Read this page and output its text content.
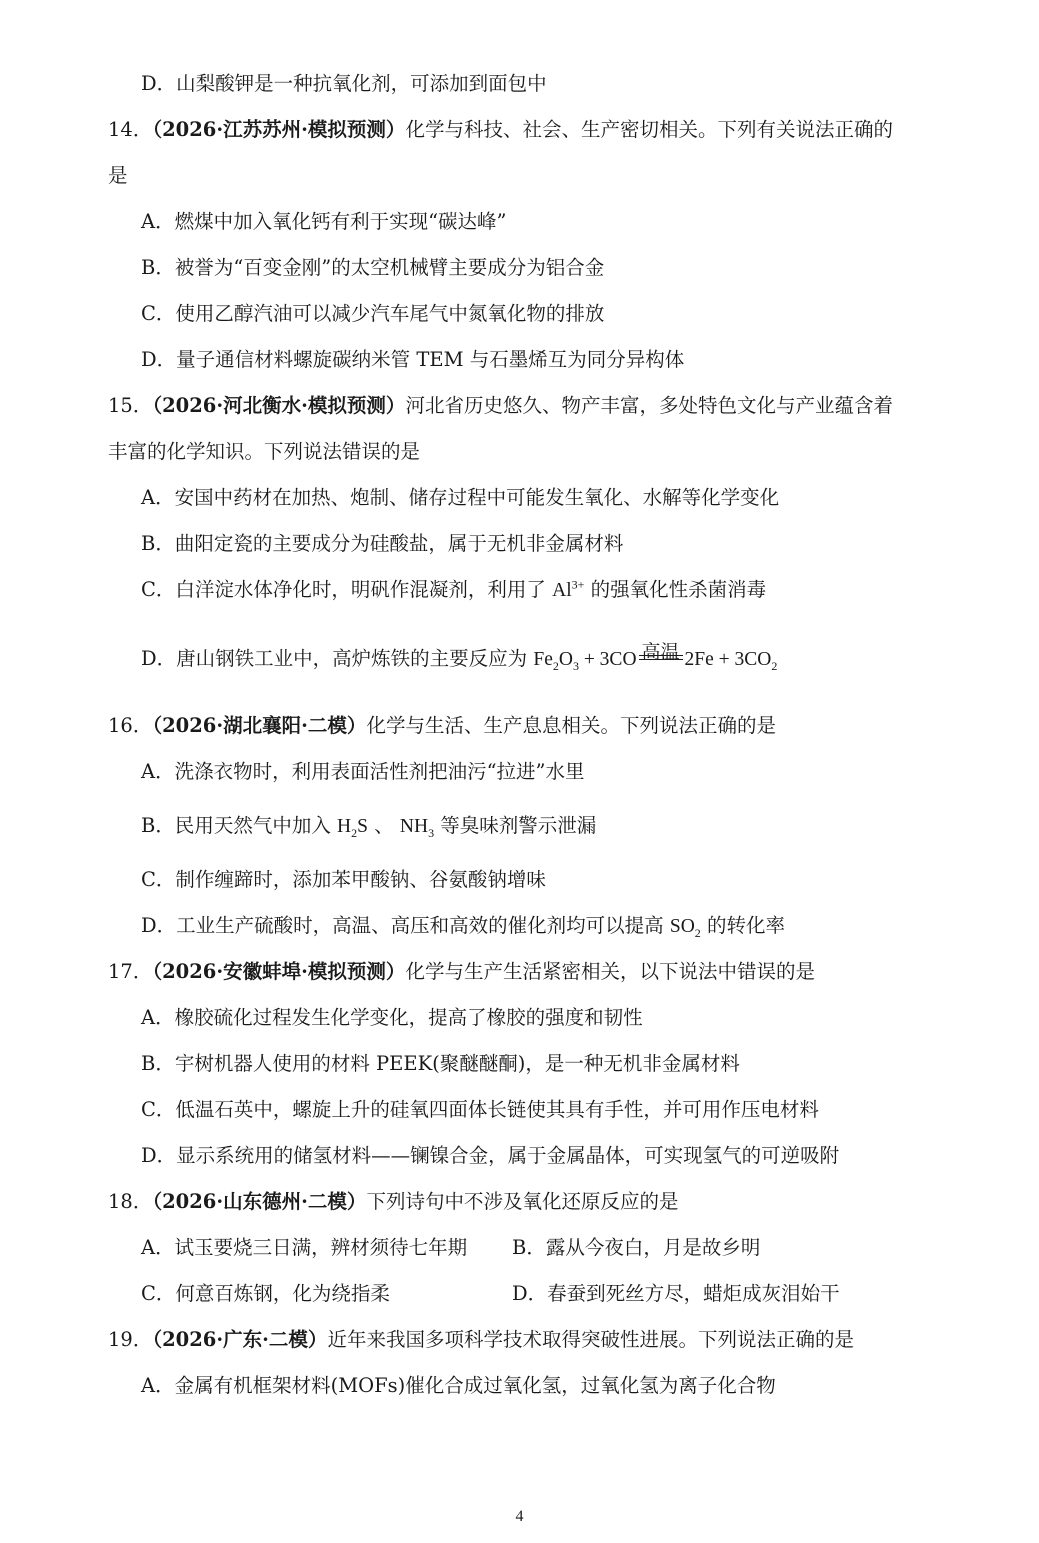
D．山梨酸钾是一种抗氧化剂，可添加到面包中
14．（2026·江苏苏州·模拟预测）化学与科技、社会、生产密切相关。下列有关说法正确的
是
A．燃煤中加入氧化钙有利于实现“碳达峰”
B．被誉为“百变金刚”的太空机械臂主要成分为铝合金
C．使用乙醇汽油可以减少汽车尾气中氮氧化物的排放
D．量子通信材料螺旋碳纳米管 TEM 与石墨烯互为同分异构体
15．（2026·河北衡水·模拟预测）河北省历史悠久、物产丰富，多处特色文化与产业蕴含着
丰富的化学知识。下列说法错误的是
A．安国中药材在加热、炮制、储存过程中可能发生氧化、水解等化学变化
B．曲阳定瓷的主要成分为硅酸盐，属于无机非金属材料
C．白洋淀水体净化时，明矾作混凝剂，利用了 $Al^{3+}$ 的强氧化性杀菌消毒
D．唐山钢铁工业中，高炉炼铁的主要反应为 $Fe_2O_3 + 3CO$ 高温 $2Fe + 3CO_2$
16．（2026·湖北襄阳·二模）化学与生活、生产息息相关。下列说法正确的是
A．洗涤衣物时，利用表面活性剂把油污“拉进”水里
B．民用天然气中加入 $H_2S$ 、 $NH_3$ 等臭味剂警示泄漏
C．制作缠蹄时，添加苯甲酸钠、谷氨酸钠增味
D．工业生产硫酸时，高温、高压和高效的催化剂均可以提高 $SO_2$ 的转化率
17．（2026·安徽蚌埠·模拟预测）化学与生产生活紧密相关，以下说法中错误的是
A．橡胶硫化过程发生化学变化，提高了橡胶的强度和韧性
B．宇树机器人使用的材料 PEEK(聚醚醚酮)，是一种无机非金属材料
C．低温石英中，螺旋上升的硅氧四面体长链使其具有手性，并可用作压电材料
D．显示系统用的储氢材料——镧镍合金，属于金属晶体，可实现氢气的可逆吸附
18．（2026·山东德州·二模）下列诗句中不涉及氧化还原反应的是
A．试玉要烧三日满，辨材须待七年期 B．露从今夜白，月是故乡明
C．何意百炼钢，化为绕指柔	D．春蚕到死丝方尽，蜡炬成灰泪始干
19．（2026·广东·二模）近年来我国多项科学技术取得突破性进展。下列说法正确的是
A．金属有机框架材料(MOFs)催化合成过氧化氢，过氧化氢为离子化合物
4
